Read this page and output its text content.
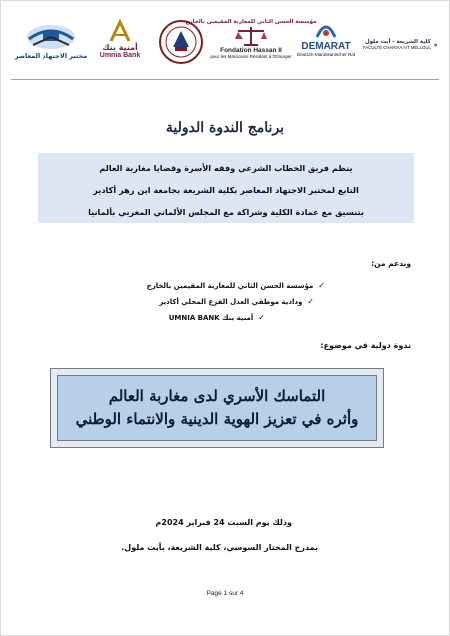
مختبر الاجتهاد المعاصر
أمنية بنك
Umnia Bank
مؤسسة الحسن الثاني للمغاربة المقيمين بالخارج
Fondation Hassan II
pour les Marocains Résidant à l'Étranger
DEMARAT
Deutsch-Marokkanischer Rat
كلية الشريعة - أيت ملول
FACULTÉ CHARIAA AIT MELLOUL
برنامج الندوة الدولية
ينظم فريق الخطاب الشرعي وفقه الأسرة وقضايا مغاربة العالم
التابع لمختبر الاجتهاد المعاصر بكلية الشريعة بجامعة ابن زهر أكادير
بتنسيق مع عمادة الكلية وشراكة مع المجلس الألماني المغربي بألمانيا
وبدعم من:
✓مؤسسة الحسن الثاني للمغاربة المقيمين بالخارج
✓ودادية موظفي العدل الفرع المحلي أكادير
✓أمنية بنك UMNIA BANK
ندوة دولية في موضوع:
التماسك الأسري لدى مغاربة العالم
وأثره في تعزيز الهوية الدينية والانتماء الوطني
وذلك يوم السبت 24 فبراير 2024م
بمدرج المختار السوسي، كلية الشريعة، بأيت ملول.
Page 1 sur 4
